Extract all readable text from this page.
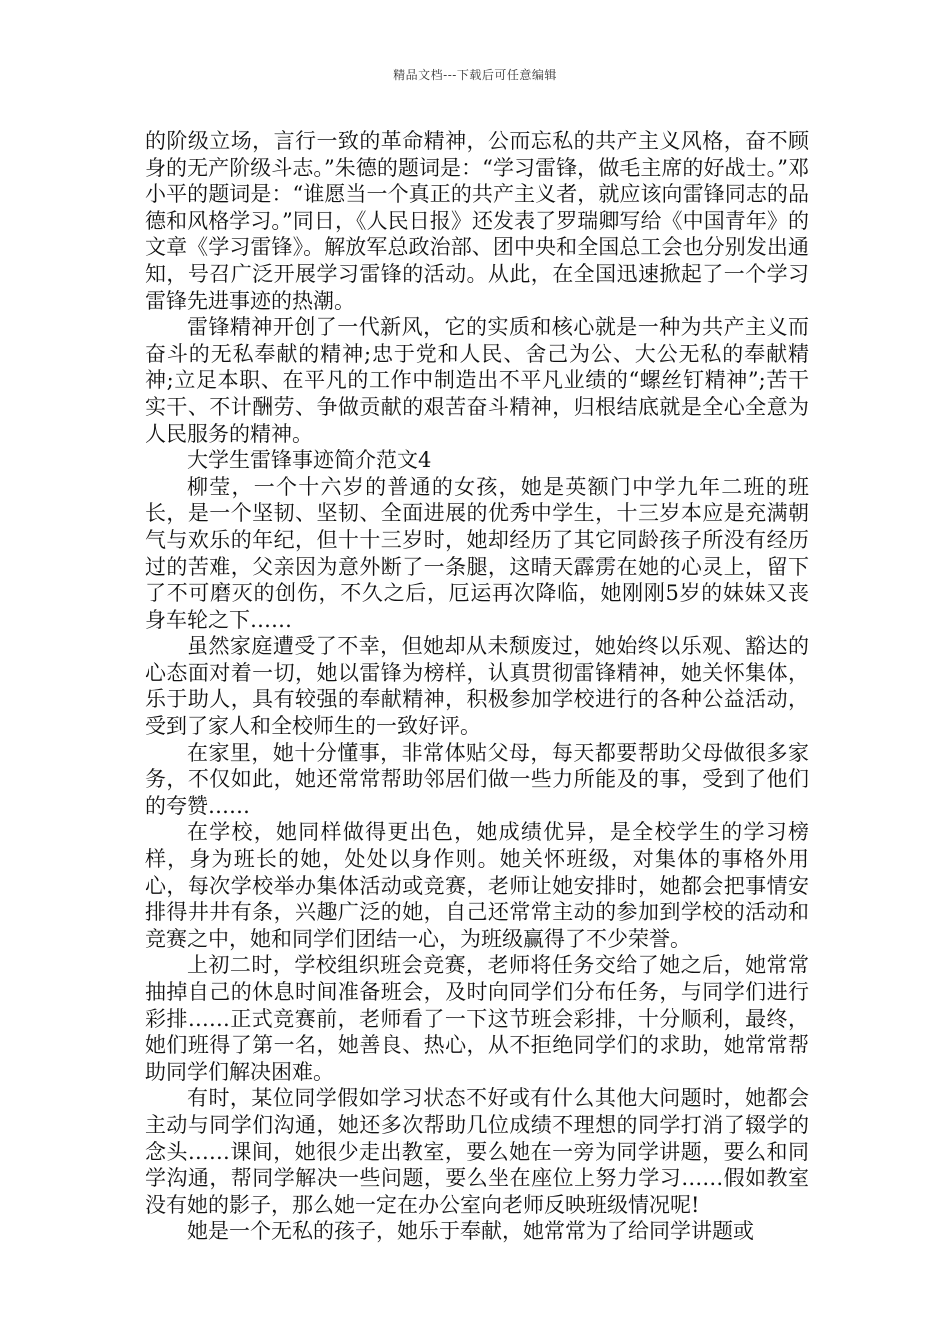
精品文档---下载后可任意编辑

的阶级立场，言行一致的革命精神，公而忘私的共产主义风格，奋不顾身的无产阶级斗志。”朱德的题词是：“学习雷锋，做毛主席的好战士。”邓小平的题词是：“谁愿当一个真正的共产主义者，就应该向雷锋同志的品德和风格学习。”同日，《人民日报》还发表了罗瑞卿写给《中国青年》的文章《学习雷锋》。解放军总政治部、团中央和全国总工会也分别发出通知，号召广泛开展学习雷锋的活动。从此，在全国迅速掀起了一个学习雷锋先进事迹的热潮。

雷锋精神开创了一代新风，它的实质和核心就是一种为共产主义而奋斗的无私奉献的精神;忠于党和人民、舍己为公、大公无私的奉献精神;立足本职、在平凡的工作中制造出不平凡业绩的“螺丝钉精神”;苦干实干、不计酬劳、争做贡献的艰苦奋斗精神，归根结底就是全心全意为人民服务的精神。

大学生雷锋事迹简介范文4

柳莹，一个十六岁的普通的女孩，她是英额门中学九年二班的班长，是一个坚韧、坚韧、全面进展的优秀中学生，十三岁本应是充满朝气与欢乐的年纪，但十十三岁时，她却经历了其它同龄孩子所没有经历过的苦难，父亲因为意外断了一条腿，这晴天霹雳在她的心灵上，留下了不可磨灭的创伤，不久之后，厄运再次降临，她刚刚5岁的妹妹又丧身车轮之下……

虽然家庭遭受了不幸，但她却从未颓废过，她始终以乐观、豁达的心态面对着一切，她以雷锋为榜样，认真贯彻雷锋精神，她关怀集体，乐于助人，具有较强的奉献精神，积极参加学校进行的各种公益活动，受到了家人和全校师生的一致好评。

在家里，她十分懂事，非常体贴父母，每天都要帮助父母做很多家务，不仅如此，她还常常帮助邻居们做一些力所能及的事，受到了他们的夸赞……

在学校，她同样做得更出色，她成绩优异，是全校学生的学习榜样，身为班长的她，处处以身作则。她关怀班级，对集体的事格外用心，每次学校举办集体活动或竞赛，老师让她安排时，她都会把事情安排得井井有条，兴趣广泛的她，自己还常常主动的参加到学校的活动和竞赛之中，她和同学们团结一心，为班级赢得了不少荣誉。

上初二时，学校组织班会竞赛，老师将任务交给了她之后，她常常抽掉自己的休息时间准备班会，及时向同学们分布任务，与同学们进行彩排……正式竞赛前，老师看了一下这节班会彩排，十分顺利，最终，她们班得了第一名，她善良、热心，从不拒绝同学们的求助，她常常帮助同学们解决困难。

有时，某位同学假如学习状态不好或有什么其他大问题时，她都会主动与同学们沟通，她还多次帮助几位成绩不理想的同学打消了辍学的念头……课间，她很少走出教室，要么她在一旁为同学讲题，要么和同学沟通，帮同学解决一些问题，要么坐在座位上努力学习……假如教室没有她的影子，那么她一定在办公室向老师反映班级情况呢!

她是一个无私的孩子，她乐于奉献，她常常为了给同学讲题或
